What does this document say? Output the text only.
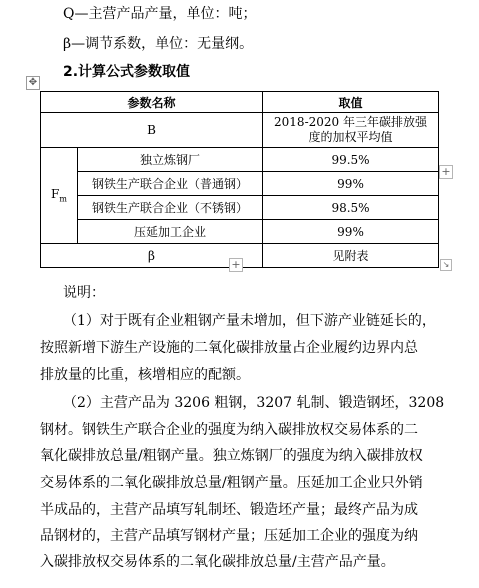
Q—主营产品产量，单位：吨；
β—调节系数，单位：无量纲。
2.计算公式参数取值
✥
参数名称		取值
B		2018-2020 年三年碳排放强
度的加权平均值

$F_m$	独立炼钢厂	99.5%
	钢铁生产联合企业（普通钢）	99%
	钢铁生产联合企业（不锈钢）	98.5%
	压延加工企业	99%
β		见附表
+
+	↘
说明：
（1）对于既有企业粗钢产量未增加，但下游产业链延长的，
按照新增下游生产设施的二氧化碳排放量占企业履约边界内总
排放量的比重，核增相应的配额。
（2）主营产品为 3206 粗钢，3207 轧制、锻造钢坯，3208
钢材。钢铁生产联合企业的强度为纳入碳排放权交易体系的二
氧化碳排放总量/粗钢产量。独立炼钢厂的强度为纳入碳排放权
交易体系的二氧化碳排放总量/粗钢产量。压延加工企业只外销
半成品的，主营产品填写轧制坯、锻造坯产量；最终产品为成
品钢材的，主营产品填写钢材产量；压延加工企业的强度为纳
入碳排放权交易体系的二氧化碳排放总量/主营产品产量。
